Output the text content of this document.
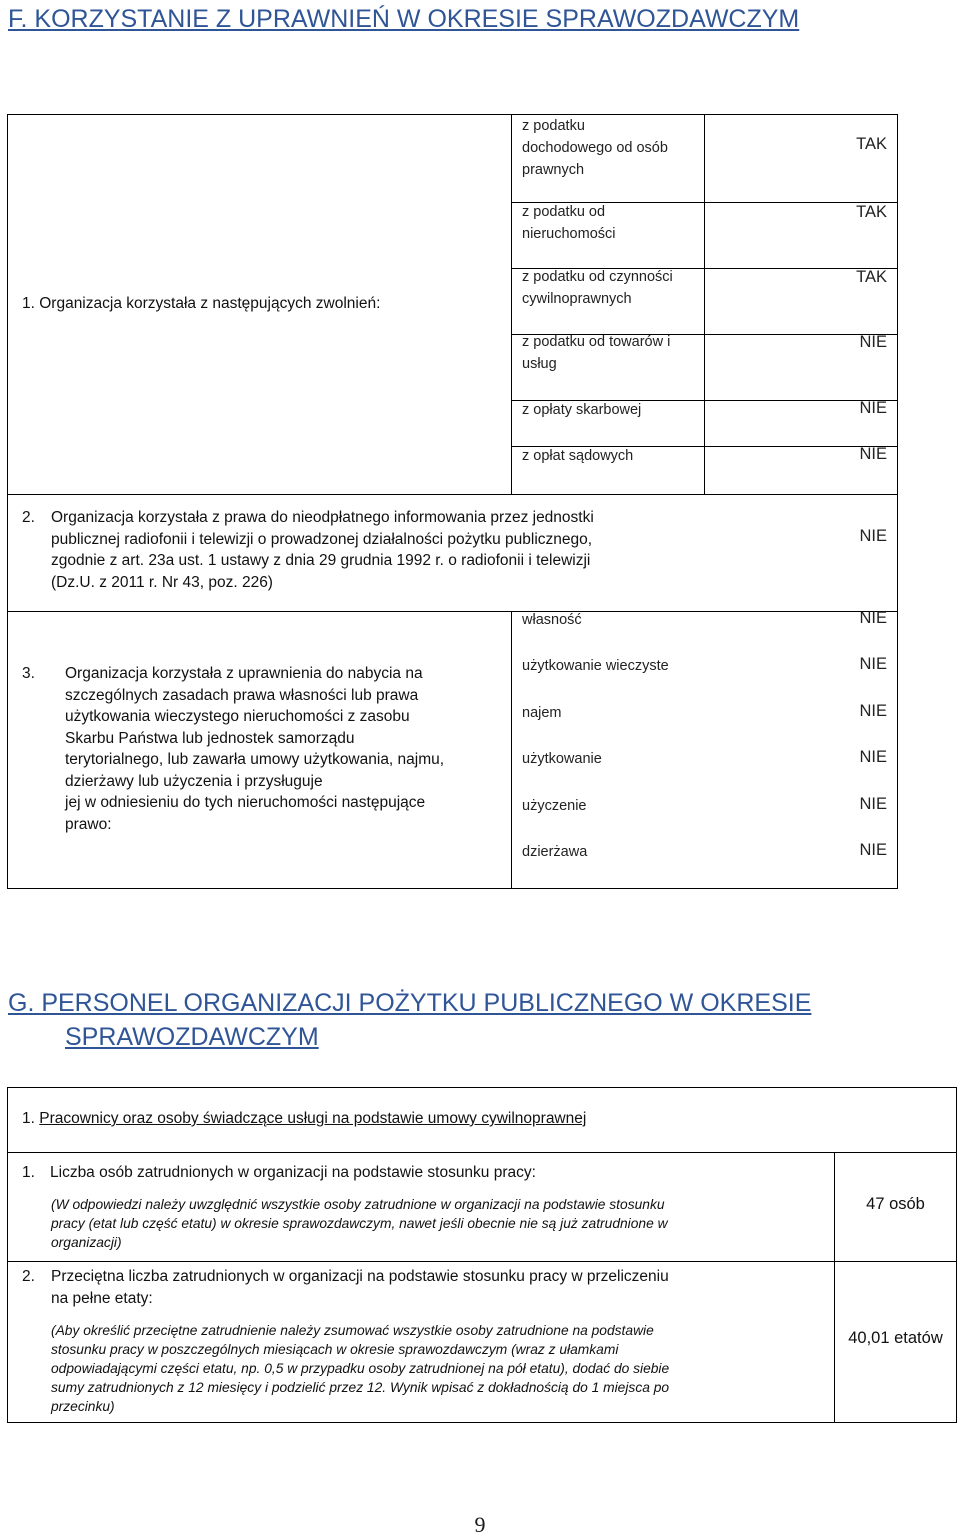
F. KORZYSTANIE Z UPRAWNIEŃ W OKRESIE SPRAWOZDAWCZYM
1. Organizacja korzystała z następujących zwolnień:
z podatku
dochodowego od osób
prawnych
TAK
z podatku od
nieruchomości
TAK
z podatku od czynności
cywilnoprawnych
TAK
z podatku od towarów i
usług
NIE
z opłaty skarbowej	NIE
z opłat sądowych	NIE
2. Organizacja korzystała z prawa do nieodpłatnego informowania przez jednostki
publicznej radiofonii i telewizji o prowadzonej działalności pożytku publicznego,
zgodnie z art. 23a ust. 1 ustawy z dnia 29 grudnia 1992 r. o radiofonii i telewizji
(Dz.U. z 2011 r. Nr 43, poz. 226)
NIE
3. Organizacja korzystała z uprawnienia do nabycia na
szczególnych zasadach prawa własności lub prawa
użytkowania wieczystego nieruchomości z zasobu
Skarbu Państwa lub jednostek samorządu
terytorialnego, lub zawarła umowy użytkowania, najmu,
dzierżawy lub użyczenia i przysługuje
jej w odniesieniu do tych nieruchomości następujące
prawo:
własność	NIE
użytkowanie wieczyste	NIE
najem	NIE
użytkowanie	NIE
użyczenie	NIE
dzierżawa	NIE
G. PERSONEL ORGANIZACJI POŻYTKU PUBLICZNEGO W OKRESIE
SPRAWOZDAWCZYM
1. Pracownicy oraz osoby świadczące usługi na podstawie umowy cywilnoprawnej
1. Liczba osób zatrudnionych w organizacji na podstawie stosunku pracy:
(W odpowiedzi należy uwzględnić wszystkie osoby zatrudnione w organizacji na podstawie stosunku
pracy (etat lub część etatu) w okresie sprawozdawczym, nawet jeśli obecnie nie są już zatrudnione w
organizacji)
47 osób
2. Przeciętna liczba zatrudnionych w organizacji na podstawie stosunku pracy w przeliczeniu
na pełne etaty:
(Aby określić przeciętne zatrudnienie należy zsumować wszystkie osoby zatrudnione na podstawie
stosunku pracy w poszczególnych miesiącach w okresie sprawozdawczym (wraz z ułamkami
odpowiadającymi części etatu, np. 0,5 w przypadku osoby zatrudnionej na pół etatu), dodać do siebie
sumy zatrudnionych z 12 miesięcy i podzielić przez 12. Wynik wpisać z dokładnością do 1 miejsca po
przecinku)
40,01 etatów
9
